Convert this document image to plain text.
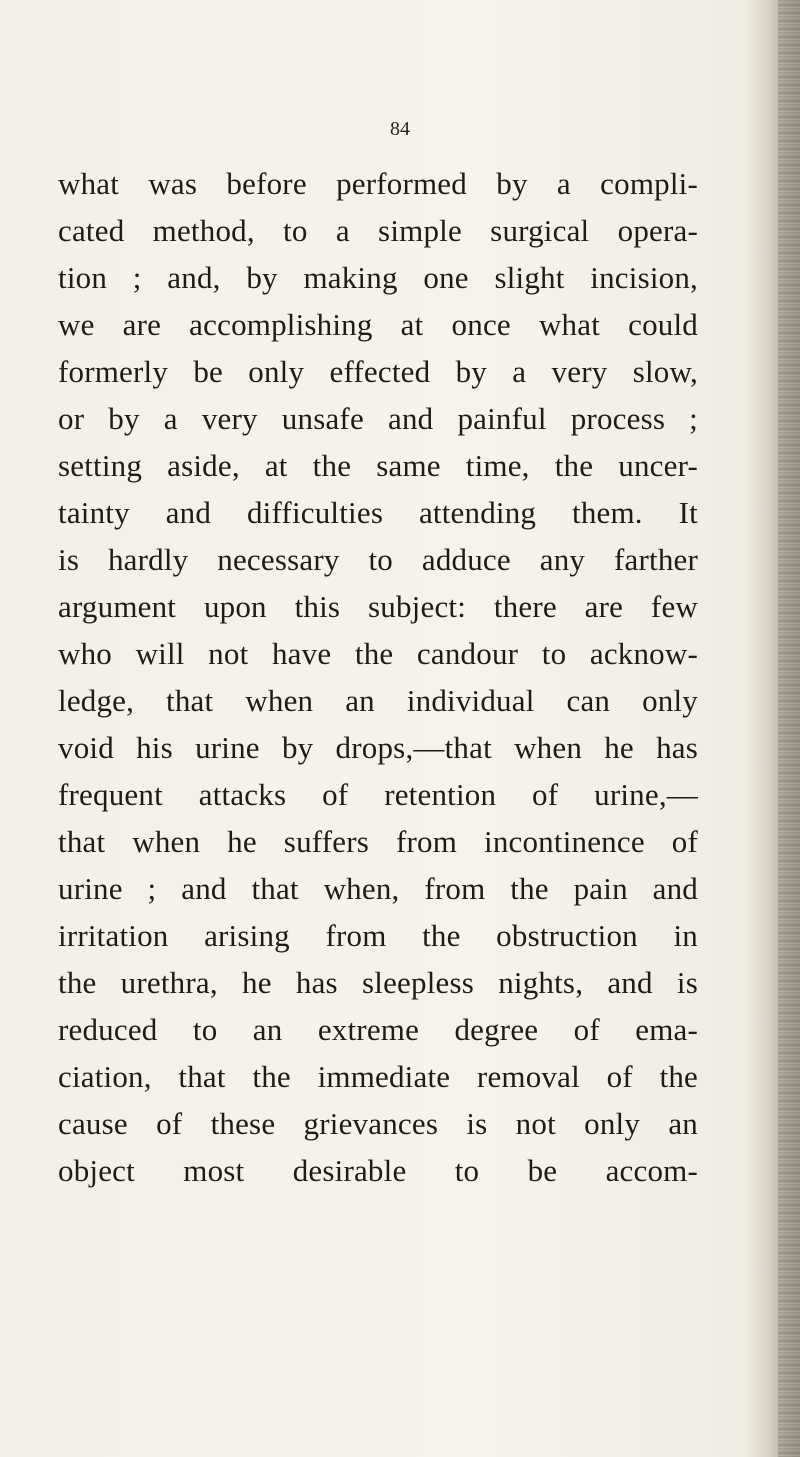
84
what was before performed by a compli-
cated method, to a simple surgical opera-
tion ; and, by making one slight incision,
we are accomplishing at once what could
formerly be only effected by a very slow,
or by a very unsafe and painful process ;
setting aside, at the same time, the uncer-
tainty and difficulties attending them. It
is hardly necessary to adduce any farther
argument upon this subject: there are few
who will not have the candour to acknow-
ledge, that when an individual can only
void his urine by drops,—that when he has
frequent attacks of retention of urine,—
that when he suffers from incontinence of
urine ; and that when, from the pain and
irritation arising from the obstruction in
the urethra, he has sleepless nights, and is
reduced to an extreme degree of ema-
ciation, that the immediate removal of the
cause of these grievances is not only an
object most desirable to be accom-
